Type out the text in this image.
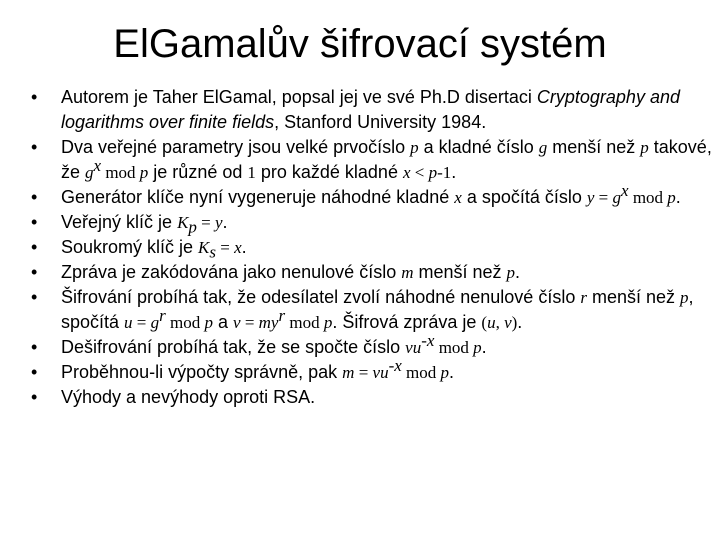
ElGamalův šifrovací systém
• Autorem je Taher ElGamal, popsal jej ve své Ph.D disertaci Cryptography and logarithms over finite fields, Stanford University 1984.
• Dva veřejné parametry jsou velké prvočíslo p a kladné číslo g menší než p takové, že $g^x$ mod p je různé od 1 pro každé kladné x < p-1.
• Generátor klíče nyní vygeneruje náhodné kladné x a spočítá číslo $y = g^x$ mod p.
• Veřejný klíč je $K_p = y$.
• Soukromý klíč je $K_s = x$.
• Zpráva je zakódována jako nenulové číslo m menší než p.
• Šifrování probíhá tak, že odesílatel zvolí náhodné nenulové číslo r menší než p, spočítá $u = g^r$ mod p a $v = my^r$ mod p. Šifrová zpráva je (u, v).
• Dešifrování probíhá tak, že se spočte číslo $vu^{-x}$ mod p.
• Proběhnou-li výpočty správně, pak $m = vu^{-x}$ mod p.
• Výhody a nevýhody oproti RSA.
